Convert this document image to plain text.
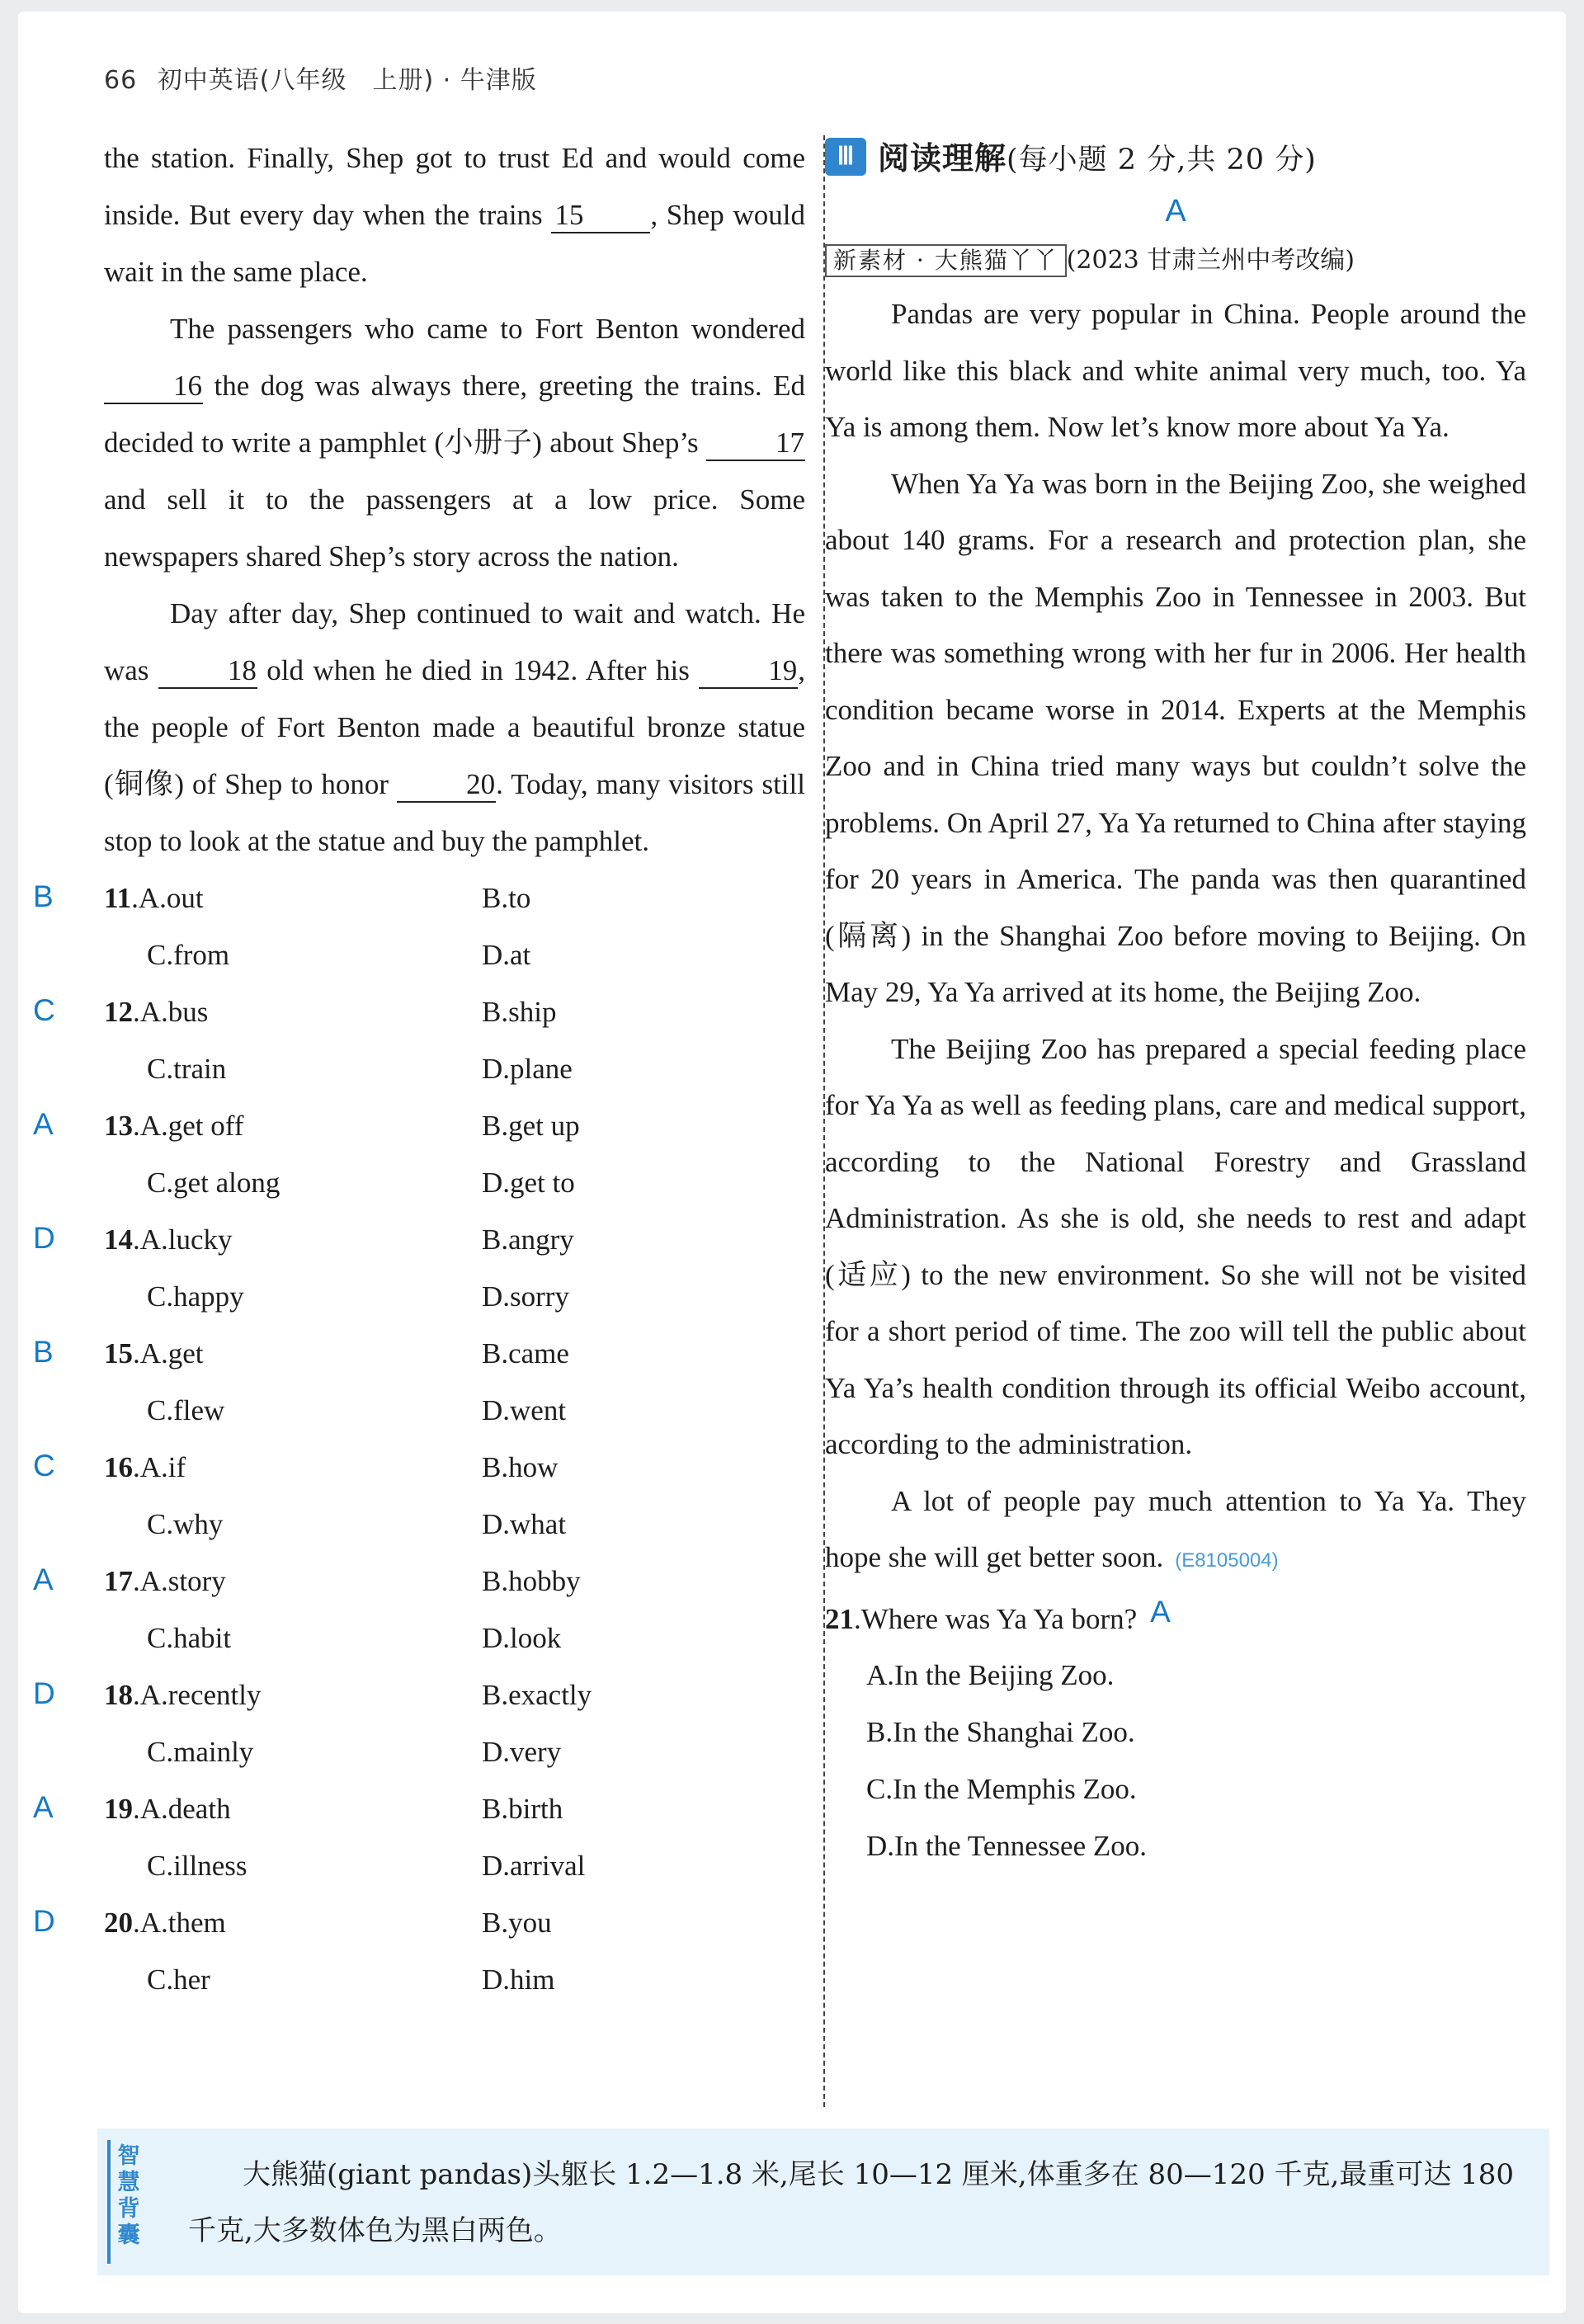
66 初中英语(八年级　上册) · 牛津版

the station. Finally, Shep got to trust Ed and would come inside. But every day when the trains 15 , Shep would wait in the same place.

The passengers who came to Fort Benton wondered 16 the dog was always there, greeting the trains. Ed decided to write a pamphlet (小册子) about Shep’s 17 and sell it to the passengers at a low price. Some newspapers shared Shep’s story across the nation.

Day after day, Shep continued to wait and watch. He was 18 old when he died in 1942. After his 19, the people of Fort Benton made a beautiful bronze statue (铜像) of Shep to honor 20. Today, many visitors still stop to look at the statue and buy the pamphlet.

B 11.A.out	B.to
C.from	D.at
C 12.A.bus	B.ship
C.train	D.plane
A 13.A.get off	B.get up
C.get along	D.get to
D 14.A.lucky	B.angry
C.happy	D.sorry
B 15.A.get	B.came
C.flew	D.went
C 16.A.if	B.how
C.why	D.what
A 17.A.story	B.hobby
C.habit	D.look
D 18.A.recently	B.exactly
C.mainly	D.very
A 19.A.death	B.birth
C.illness	D.arrival
D 20.A.them	B.you
C.her	D.him
Ⅲ 阅读理解(每小题 2 分,共 20 分)
A
新素材 · 大熊猫丫丫 (2023 甘肃兰州中考改编)

Pandas are very popular in China. People around the world like this black and white animal very much, too. Ya Ya is among them. Now let’s know more about Ya Ya.

When Ya Ya was born in the Beijing Zoo, she weighed about 140 grams. For a research and protection plan, she was taken to the Memphis Zoo in Tennessee in 2003. But there was something wrong with her fur in 2006. Her health condition became worse in 2014. Experts at the Memphis Zoo and in China tried many ways but couldn’t solve the problems. On April 27, Ya Ya returned to China after staying for 20 years in America. The panda was then quarantined (隔离) in the Shanghai Zoo before moving to Beijing. On May 29, Ya Ya arrived at its home, the Beijing Zoo.

The Beijing Zoo has prepared a special feeding place for Ya Ya as well as feeding plans, care and medical support, according to the National Forestry and Grassland Administration. As she is old, she needs to rest and adapt (适应) to the new environment. So she will not be visited for a short period of time. The zoo will tell the public about Ya Ya’s health condition through its official Weibo account, according to the administration.

A lot of people pay much attention to Ya Ya. They hope she will get better soon. (E8105004)

21.Where was Ya Ya born? A
A.In the Beijing Zoo.
B.In the Shanghai Zoo.
C.In the Memphis Zoo.
D.In the Tennessee Zoo.
智慧背囊
大熊猫(giant pandas)头躯长 1.2—1.8 米,尾长 10—12 厘米,体重多在 80—120 千克,最重可达 180 千克,大多数体色为黑白两色。
